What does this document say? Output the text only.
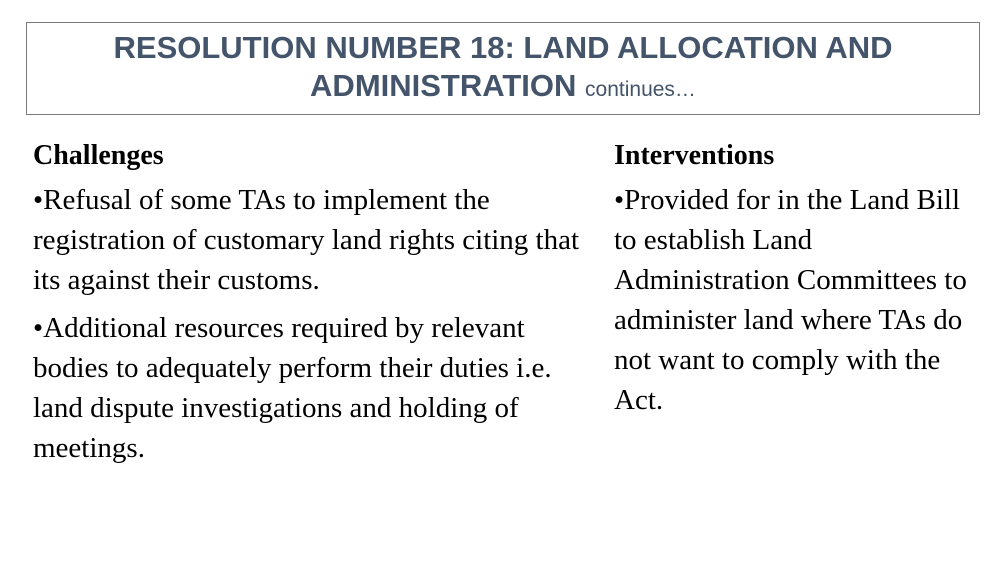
RESOLUTION NUMBER 18: LAND ALLOCATION AND
ADMINISTRATION continues…
Challenges
•Refusal of some TAs to implement the registration of customary land rights citing that its against their customs.
•Additional resources required by relevant bodies to adequately perform their duties i.e. land dispute investigations and holding of meetings.
Interventions
•Provided for in the Land Bill to establish Land Administration Committees to administer land where TAs do not want to comply with the Act.
